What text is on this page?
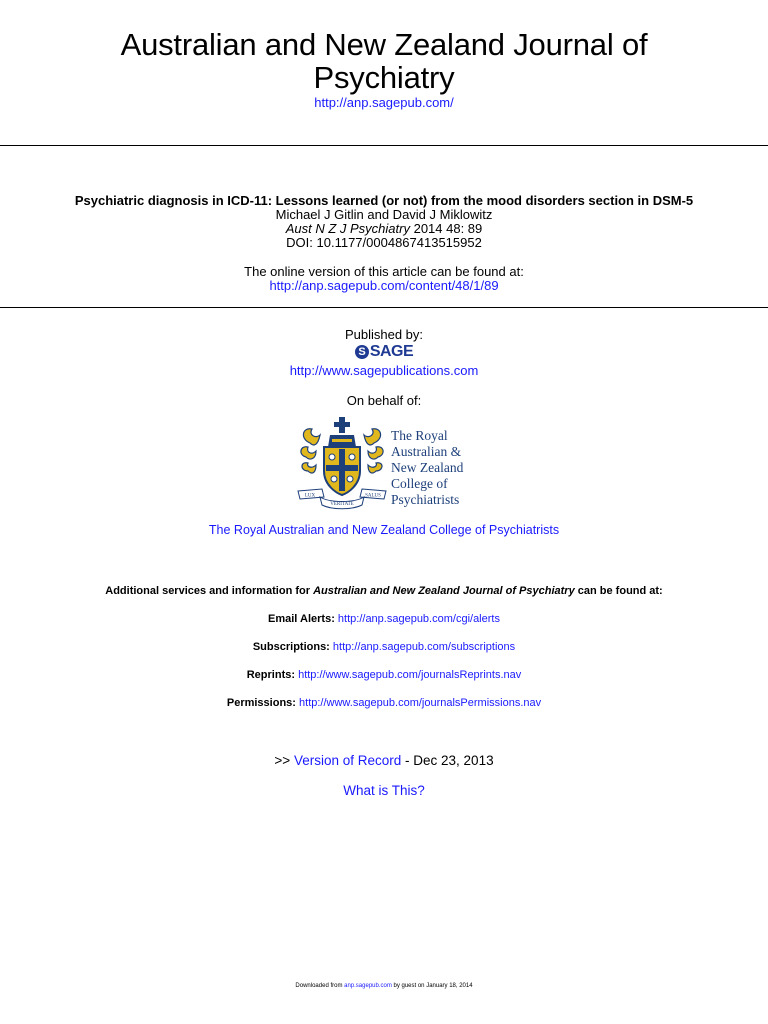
Australian and New Zealand Journal of
Psychiatry
http://anp.sagepub.com/
Psychiatric diagnosis in ICD-11: Lessons learned (or not) from the mood disorders section in DSM-5
Michael J Gitlin and David J Miklowitz
Aust N Z J Psychiatry 2014 48: 89
DOI: 10.1177/0004867413515952
The online version of this article can be found at:
http://anp.sagepub.com/content/48/1/89
Published by:
S SAGE
http://www.sagepublications.com
On behalf of:
LUX	SALUS
VERITATE
The Royal
Australian &
New Zealand
College of
Psychiatrists
The Royal Australian and New Zealand College of Psychiatrists
Additional services and information for Australian and New Zealand Journal of Psychiatry can be found at:
Email Alerts: http://anp.sagepub.com/cgi/alerts
Subscriptions: http://anp.sagepub.com/subscriptions
Reprints: http://www.sagepub.com/journalsReprints.nav
Permissions: http://www.sagepub.com/journalsPermissions.nav
>> Version of Record - Dec 23, 2013
What is This?
Downloaded from anp.sagepub.com by guest on January 18, 2014
